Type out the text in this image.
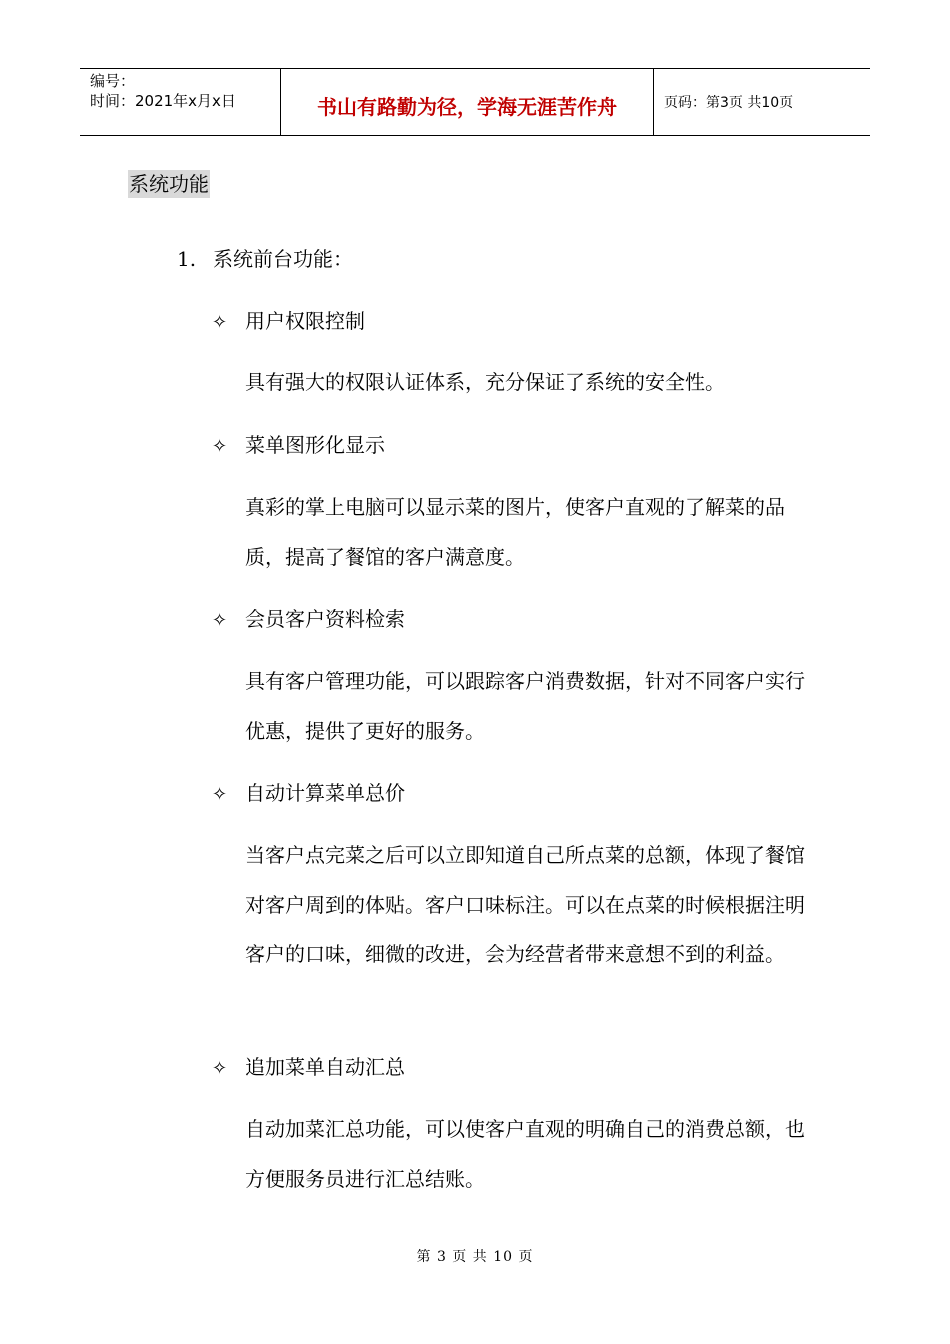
编号：
时间：2021年x月x日	书山有路勤为径，学海无涯苦作舟	页码：第3页 共10页
系统功能
1. 系统前台功能：
✧ 用户权限控制
具有强大的权限认证体系，充分保证了系统的安全性。
✧ 菜单图形化显示
真彩的掌上电脑可以显示菜的图片，使客户直观的了解菜的品质，提高了餐馆的客户满意度。
✧ 会员客户资料检索
具有客户管理功能，可以跟踪客户消费数据，针对不同客户实行优惠，提供了更好的服务。
✧ 自动计算菜单总价
当客户点完菜之后可以立即知道自己所点菜的总额，体现了餐馆对客户周到的体贴。客户口味标注。可以在点菜的时候根据注明客户的口味，细微的改进，会为经营者带来意想不到的利益。
✧ 追加菜单自动汇总
自动加菜汇总功能，可以使客户直观的明确自己的消费总额，也方便服务员进行汇总结账。
第 3 页 共 10 页
